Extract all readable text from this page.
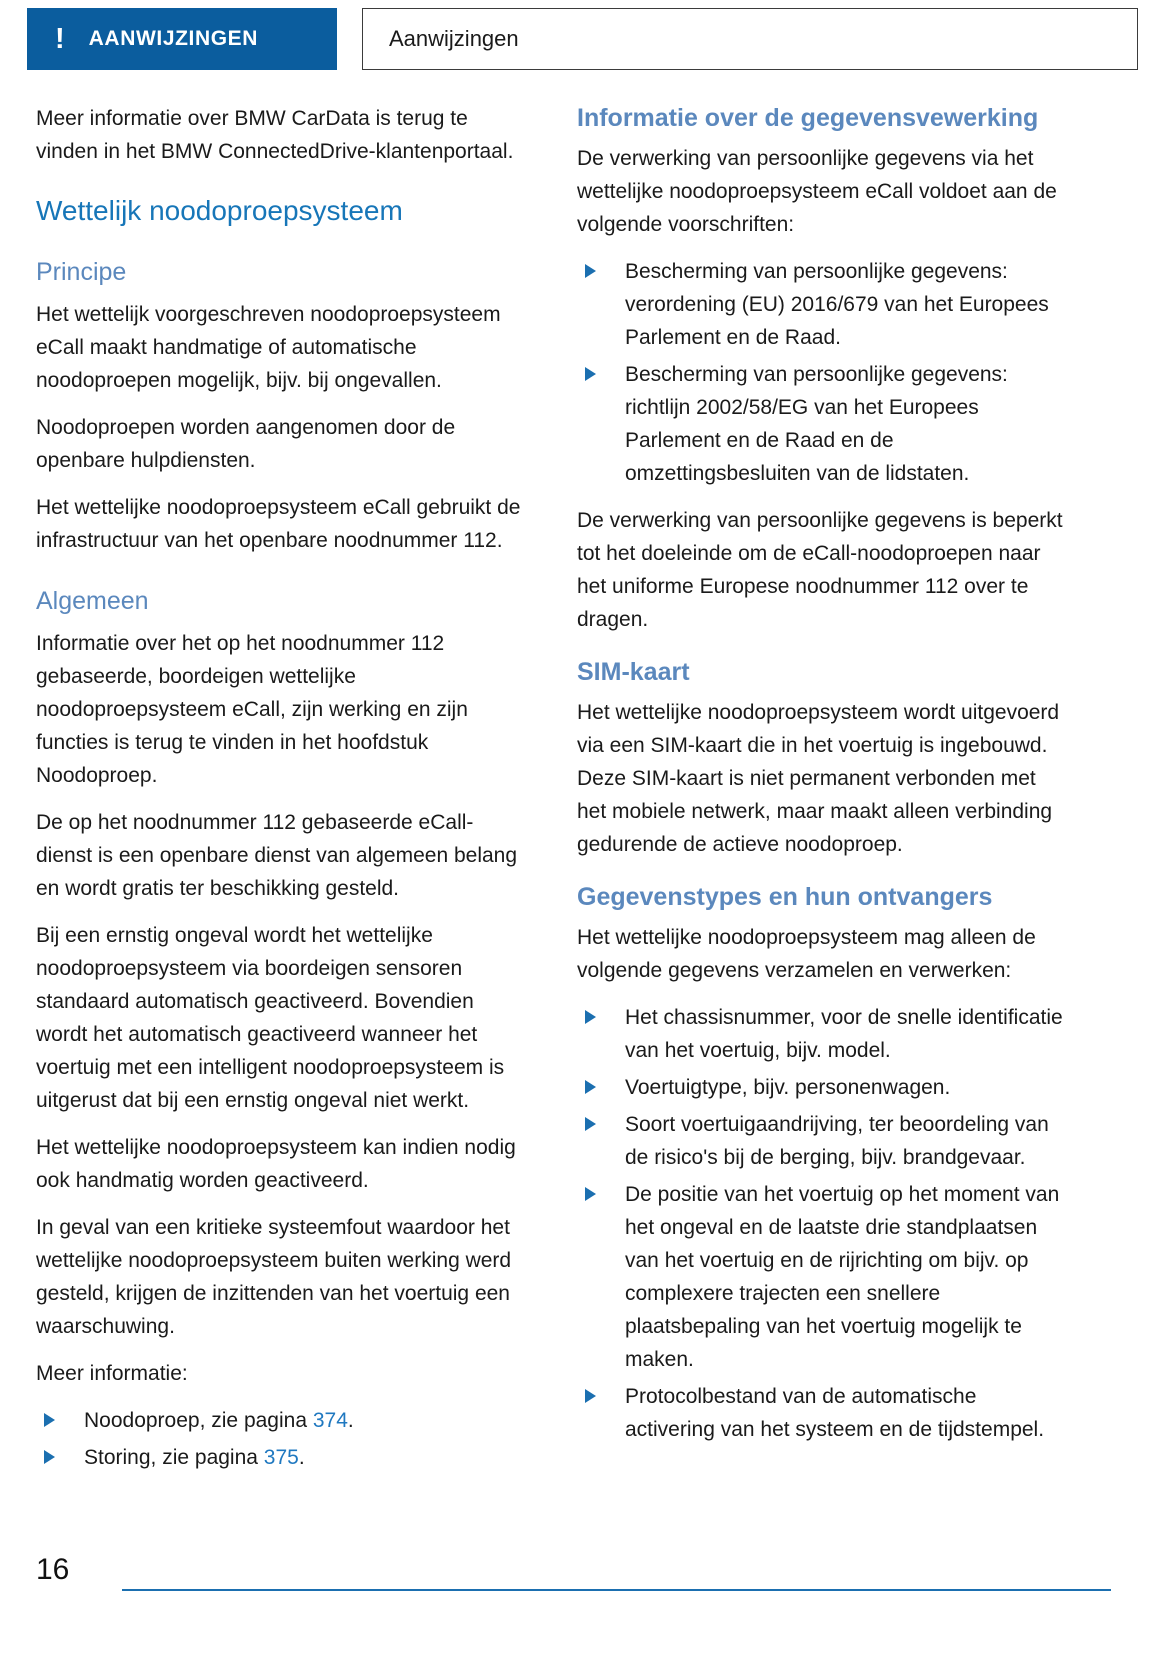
! AANWIJZINGEN	Aanwijzingen

Meer informatie over BMW CarData is terug te vinden in het BMW ConnectedDrive-klantenportaal.

Wettelijk noodoproepsysteem
Principe

Het wettelijk voorgeschreven noodoproepsysteem eCall maakt handmatige of automatische noodoproepen mogelijk, bijv. bij ongevallen.

Noodoproepen worden aangenomen door de openbare hulpdiensten.

Het wettelijke noodoproepsysteem eCall gebruikt de infrastructuur van het openbare noodnummer 112.

Algemeen

Informatie over het op het noodnummer 112 gebaseerde, boordeigen wettelijke noodoproepsysteem eCall, zijn werking en zijn functies is terug te vinden in het hoofdstuk Noodoproep.

De op het noodnummer 112 gebaseerde eCall-dienst is een openbare dienst van algemeen belang en wordt gratis ter beschikking gesteld.

Bij een ernstig ongeval wordt het wettelijke noodoproepsysteem via boordeigen sensoren standaard automatisch geactiveerd. Bovendien wordt het automatisch geactiveerd wanneer het voertuig met een intelligent noodoproepsysteem is uitgerust dat bij een ernstig ongeval niet werkt.

Het wettelijke noodoproepsysteem kan indien nodig ook handmatig worden geactiveerd.

In geval van een kritieke systeemfout waardoor het wettelijke noodoproepsysteem buiten werking werd gesteld, krijgen de inzittenden van het voertuig een waarschuwing.

Meer informatie:

Noodoproep, zie pagina 374.
Storing, zie pagina 375.
Informatie over de gegevensvewerking

De verwerking van persoonlijke gegevens via het wettelijke noodoproepsysteem eCall voldoet aan de volgende voorschriften:

Bescherming van persoonlijke gegevens: verordening (EU) 2016/679 van het Europees Parlement en de Raad.
Bescherming van persoonlijke gegevens: richtlijn 2002/58/EG van het Europees Parlement en de Raad en de omzettingsbesluiten van de lidstaten.

De verwerking van persoonlijke gegevens is beperkt tot het doeleinde om de eCall-noodoproepen naar het uniforme Europese noodnummer 112 over te dragen.

SIM-kaart

Het wettelijke noodoproepsysteem wordt uitgevoerd via een SIM-kaart die in het voertuig is ingebouwd. Deze SIM-kaart is niet permanent verbonden met het mobiele netwerk, maar maakt alleen verbinding gedurende de actieve noodoproep.

Gegevenstypes en hun ontvangers

Het wettelijke noodoproepsysteem mag alleen de volgende gegevens verzamelen en verwerken:

Het chassisnummer, voor de snelle identificatie van het voertuig, bijv. model.
Voertuigtype, bijv. personenwagen.
Soort voertuigaandrijving, ter beoordeling van de risico's bij de berging, bijv. brandgevaar.
De positie van het voertuig op het moment van het ongeval en de laatste drie standplaatsen van het voertuig en de rijrichting om bijv. op complexere trajecten een snellere plaatsbepaling van het voertuig mogelijk te maken.
Protocolbestand van de automatische activering van het systeem en de tijdstempel.
16
